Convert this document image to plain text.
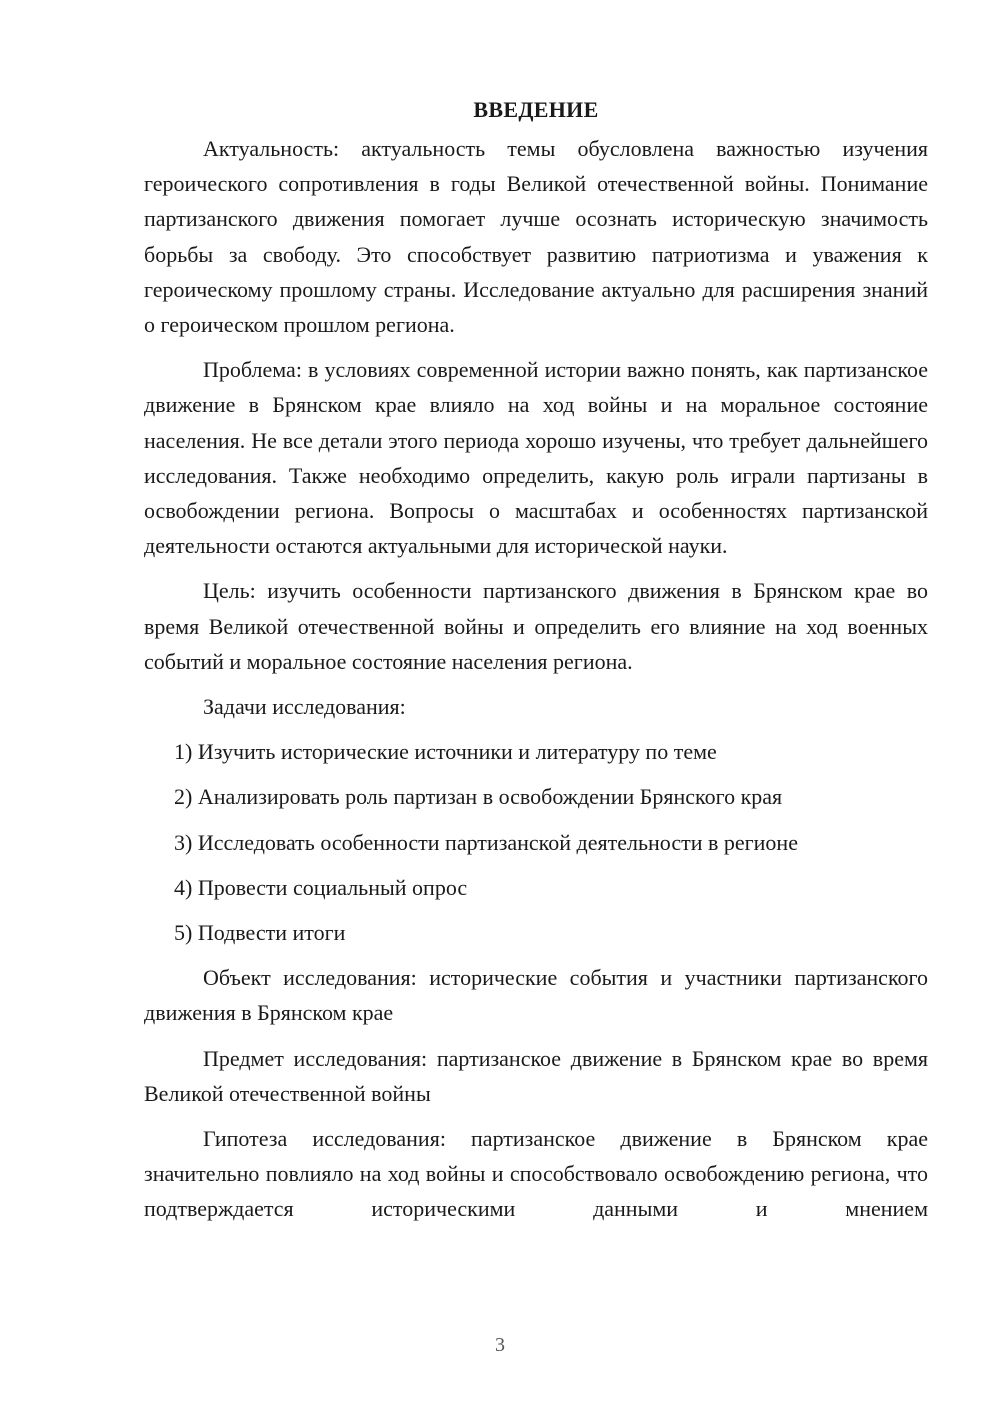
ВВЕДЕНИЕ

Актуальность: актуальность темы обусловлена важностью изучения героического сопротивления в годы Великой отечественной войны. Понимание партизанского движения помогает лучше осознать историческую значимость борьбы за свободу. Это способствует развитию патриотизма и уважения к героическому прошлому страны. Исследование актуально для расширения знаний о героическом прошлом региона.

Проблема: в условиях современной истории важно понять, как партизанское движение в Брянском крае влияло на ход войны и на моральное состояние населения. Не все детали этого периода хорошо изучены, что требует дальнейшего исследования. Также необходимо определить, какую роль играли партизаны в освобождении региона. Вопросы о масштабах и особенностях партизанской деятельности остаются актуальными для исторической науки.

Цель: изучить особенности партизанского движения в Брянском крае во время Великой отечественной войны и определить его влияние на ход военных событий и моральное состояние населения региона.

Задачи исследования:

1) Изучить исторические источники и литературу по теме
2) Анализировать роль партизан в освобождении Брянского края
3) Исследовать особенности партизанской деятельности в регионе
4) Провести социальный опрос
5) Подвести итоги

Объект исследования: исторические события и участники партизанского движения в Брянском крае

Предмет исследования: партизанское движение в Брянском крае во время Великой отечественной войны

Гипотеза исследования: партизанское движение в Брянском крае значительно повлияло на ход войны и способствовало освобождению региона, что подтверждается историческими данными и мнением

3
